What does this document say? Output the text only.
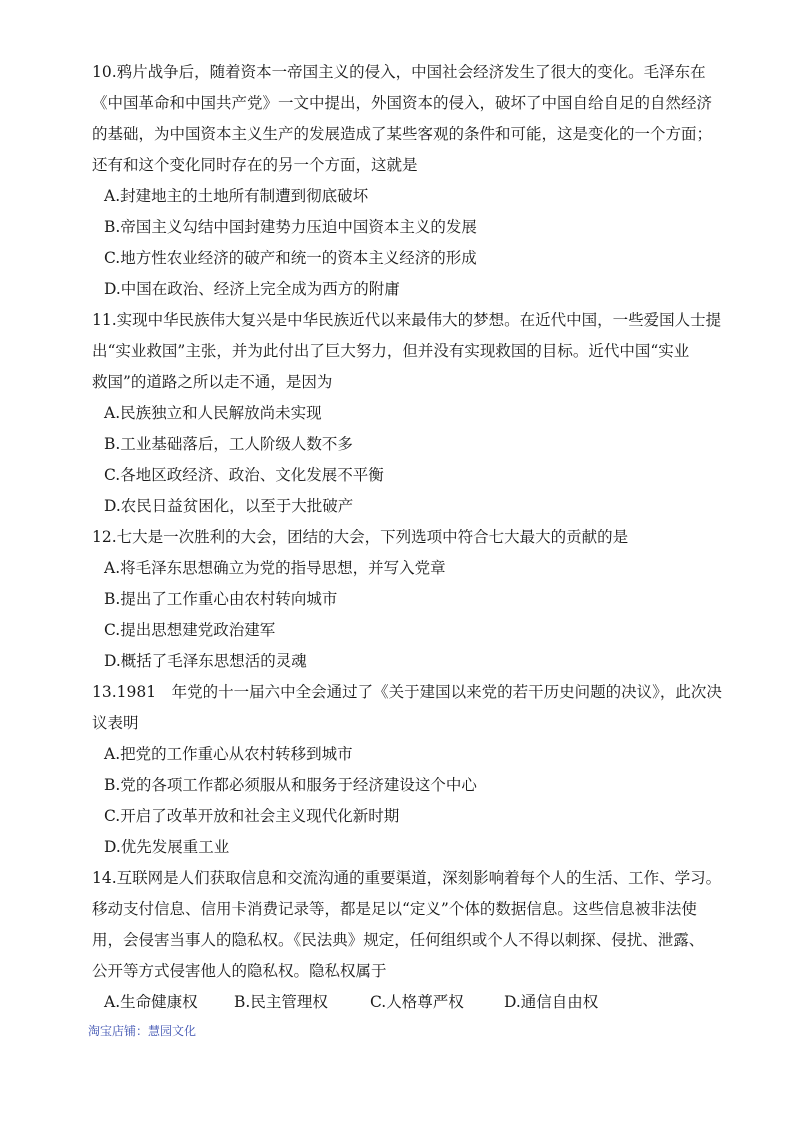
10.鸦片战争后，随着资本一帝国主义的侵入，中国社会经济发生了很大的变化。毛泽东在
《中国革命和中国共产党》一文中提出，外国资本的侵入，破坏了中国自给自足的自然经济
的基础，为中国资本主义生产的发展造成了某些客观的条件和可能，这是变化的一个方面；
还有和这个变化同时存在的另一个方面，这就是
A.封建地主的土地所有制遭到彻底破坏
B.帝国主义勾结中国封建势力压迫中国资本主义的发展
C.地方性农业经济的破产和统一的资本主义经济的形成
D.中国在政治、经济上完全成为西方的附庸
11.实现中华民族伟大复兴是中华民族近代以来最伟大的梦想。在近代中国，一些爱国人士提
出“实业救国”主张，并为此付出了巨大努力，但并没有实现救国的目标。近代中国“实业
救国”的道路之所以走不通，是因为
A.民族独立和人民解放尚未实现
B.工业基础落后，工人阶级人数不多
C.各地区政经济、政治、文化发展不平衡
D.农民日益贫困化，以至于大批破产
12.七大是一次胜利的大会，团结的大会，下列选项中符合七大最大的贡献的是
A.将毛泽东思想确立为党的指导思想，并写入党章
B.提出了工作重心由农村转向城市
C.提出思想建党政治建军
D.概括了毛泽东思想活的灵魂
13.1981　年党的十一届六中全会通过了《关于建国以来党的若干历史问题的决议》，此次决
议表明
A.把党的工作重心从农村转移到城市
B.党的各项工作都必须服从和服务于经济建设这个中心
C.开启了改革开放和社会主义现代化新时期
D.优先发展重工业
14.互联网是人们获取信息和交流沟通的重要渠道，深刻影响着每个人的生活、工作、学习。
移动支付信息、信用卡消费记录等，都是足以“定义”个体的数据信息。这些信息被非法使
用，会侵害当事人的隐私权。《民法典》规定，任何组织或个人不得以刺探、侵扰、泄露、
公开等方式侵害他人的隐私权。隐私权属于
A.生命健康权 B.民主管理权	C.人格尊严权	D.通信自由权
淘宝店铺：慧园文化
